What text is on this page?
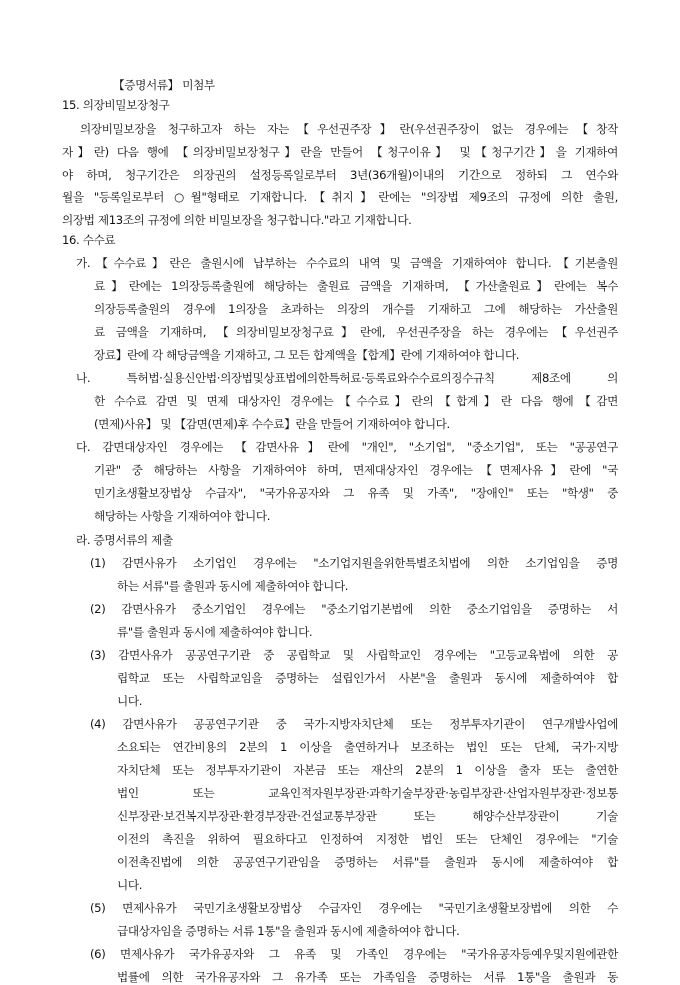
【증명서류】 미첨부
15. 의장비밀보장청구
의장비밀보장을 청구하고자 하는 자는【우선권주장】란(우선권주장이 없는 경우에는【창작
자】란) 다음 행에 【의장비밀보장청구】란을 만들어 【청구이유】 및【청구기간】을 기재하여
야 하며, 청구기간은 의장권의 설정등록일로부터 3년(36개월)이내의 기간으로 정하되 그 연수와
월을 "등록일로부터 ○월"형태로 기재합니다.【취지】란에는 "의장법 제9조의 규정에 의한 출원,
의장법 제13조의 규정에 의한 비밀보장을 청구합니다."라고 기재합니다.
16. 수수료
가.【수수료】란은 출원시에 납부하는 수수료의 내역 및 금액을 기재하여야 합니다.【기본출원
료】란에는 1의장등록출원에 해당하는 출원료 금액을 기재하며, 【가산출원료】란에는 복수
의장등록출원의 경우에 1의장을 초과하는 의장의 개수를 기재하고 그에 해당하는 가산출원
료 금액을 기재하며, 【의장비밀보장청구료】란에, 우선권주장을 하는 경우에는【우선권주
장료】란에 각 해당금액을 기재하고, 그 모든 합계액을【합계】란에 기재하여야 합니다.
나. 특허법·실용신안법·의장법및상표법에의한특허료·등록료와수수료의징수규칙 제8조에 의
한 수수료 감면 및 면제 대상자인 경우에는【수수료】란의【합계】란 다음 행에【감면
(면제)사유】 및 【감면(면제)후 수수료】란을 만들어 기재하여야 합니다.
다. 감면대상자인 경우에는 【감면사유】란에 "개인", "소기업", "중소기업", 또는 "공공연구
기관" 중 해당하는 사항을 기재하여야 하며, 면제대상자인 경우에는【면제사유】란에 "국
민기초생활보장법상 수급자", "국가유공자와 그 유족 및 가족", "장애인" 또는 "학생" 중
해당하는 사항을 기재하여야 합니다.
라. 증명서류의 제출
(1) 감면사유가 소기업인 경우에는 "소기업지원을위한특별조치법에 의한 소기업임을 증명
하는 서류"를 출원과 동시에 제출하여야 합니다.
(2) 감면사유가 중소기업인 경우에는 "중소기업기본법에 의한 중소기업임을 증명하는 서
류"를 출원과 동시에 제출하여야 합니다.
(3) 감면사유가 공공연구기관 중 공립학교 및 사립학교인 경우에는 "고등교육법에 의한 공
립학교 또는 사립학교임을 증명하는 설립인가서 사본"을 출원과 동시에 제출하여야 합
니다.
(4) 감면사유가 공공연구기관 중 국가·지방자치단체 또는 정부투자기관이 연구개발사업에
소요되는 연간비용의 2분의 1 이상을 출연하거나 보조하는 법인 또는 단체, 국가·지방
자치단체 또는 정부투자기관이 자본금 또는 재산의 2분의 1 이상을 출자 또는 출연한
법인 또는 교육인적자원부장관·과학기술부장관·농림부장관·산업자원부장관·정보통
신부장관·보건복지부장관·환경부장관·건설교통부장관 또는 해양수산부장관이 기술
이전의 촉진을 위하여 필요하다고 인정하여 지정한 법인 또는 단체인 경우에는 "기술
이전촉진법에 의한 공공연구기관임을 증명하는 서류"를 출원과 동시에 제출하여야 합
니다.
(5) 면제사유가 국민기초생활보장법상 수급자인 경우에는 "국민기초생활보장법에 의한 수
급대상자임을 증명하는 서류 1통"을 출원과 동시에 제출하여야 합니다.
(6) 면제사유가 국가유공자와 그 유족 및 가족인 경우에는 "국가유공자등예우및지원에관한
법률에 의한 국가유공자와 그 유가족 또는 가족임을 증명하는 서류 1통"을 출원과 동
